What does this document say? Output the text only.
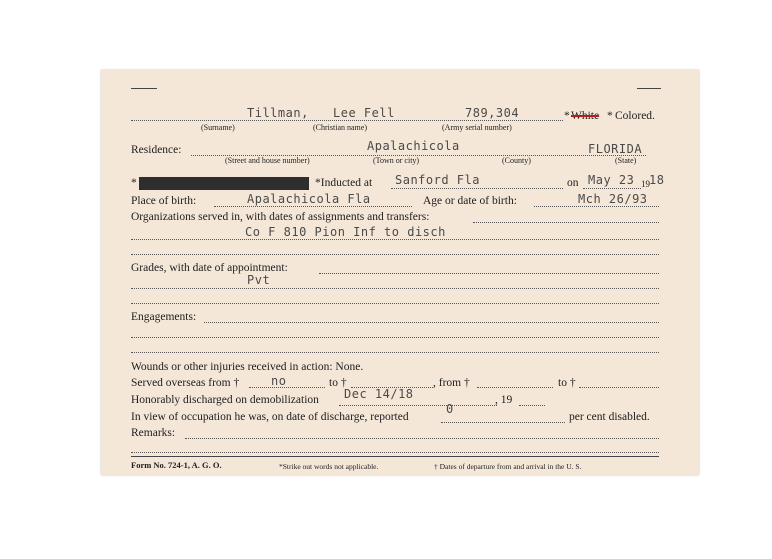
Tillman, Lee Fell	789,304	* White * Colored.
(Surname)	(Christian name)	(Army serial number)
Residence:	Apalachicola	FLORIDA
(Street and house number)	(Town or city)	(County)	(State)
* *Enlisted * R. A. * N. G. * E. R. C.	*Inducted at Sanford Fla	on May 23 19 18
Place of birth:	Apalachicola Fla	Age or date of birth:	Mch 26/93
Organizations served in, with dates of assignments and transfers:
Co F 810 Pion Inf to disch
Grades, with date of appointment:
Pvt
Engagements:
Wounds or other injuries received in action: None.
Served overseas from †	no	to †	, from †	to †
Honorably discharged on demobilization Dec 14/18	, 19
In view of occupation he was, on date of discharge, reported
0
per cent disabled.
Remarks:
Form No. 724-1, A. G. O.	*Strike out words not applicable.	† Dates of departure from and arrival in the U. S.
